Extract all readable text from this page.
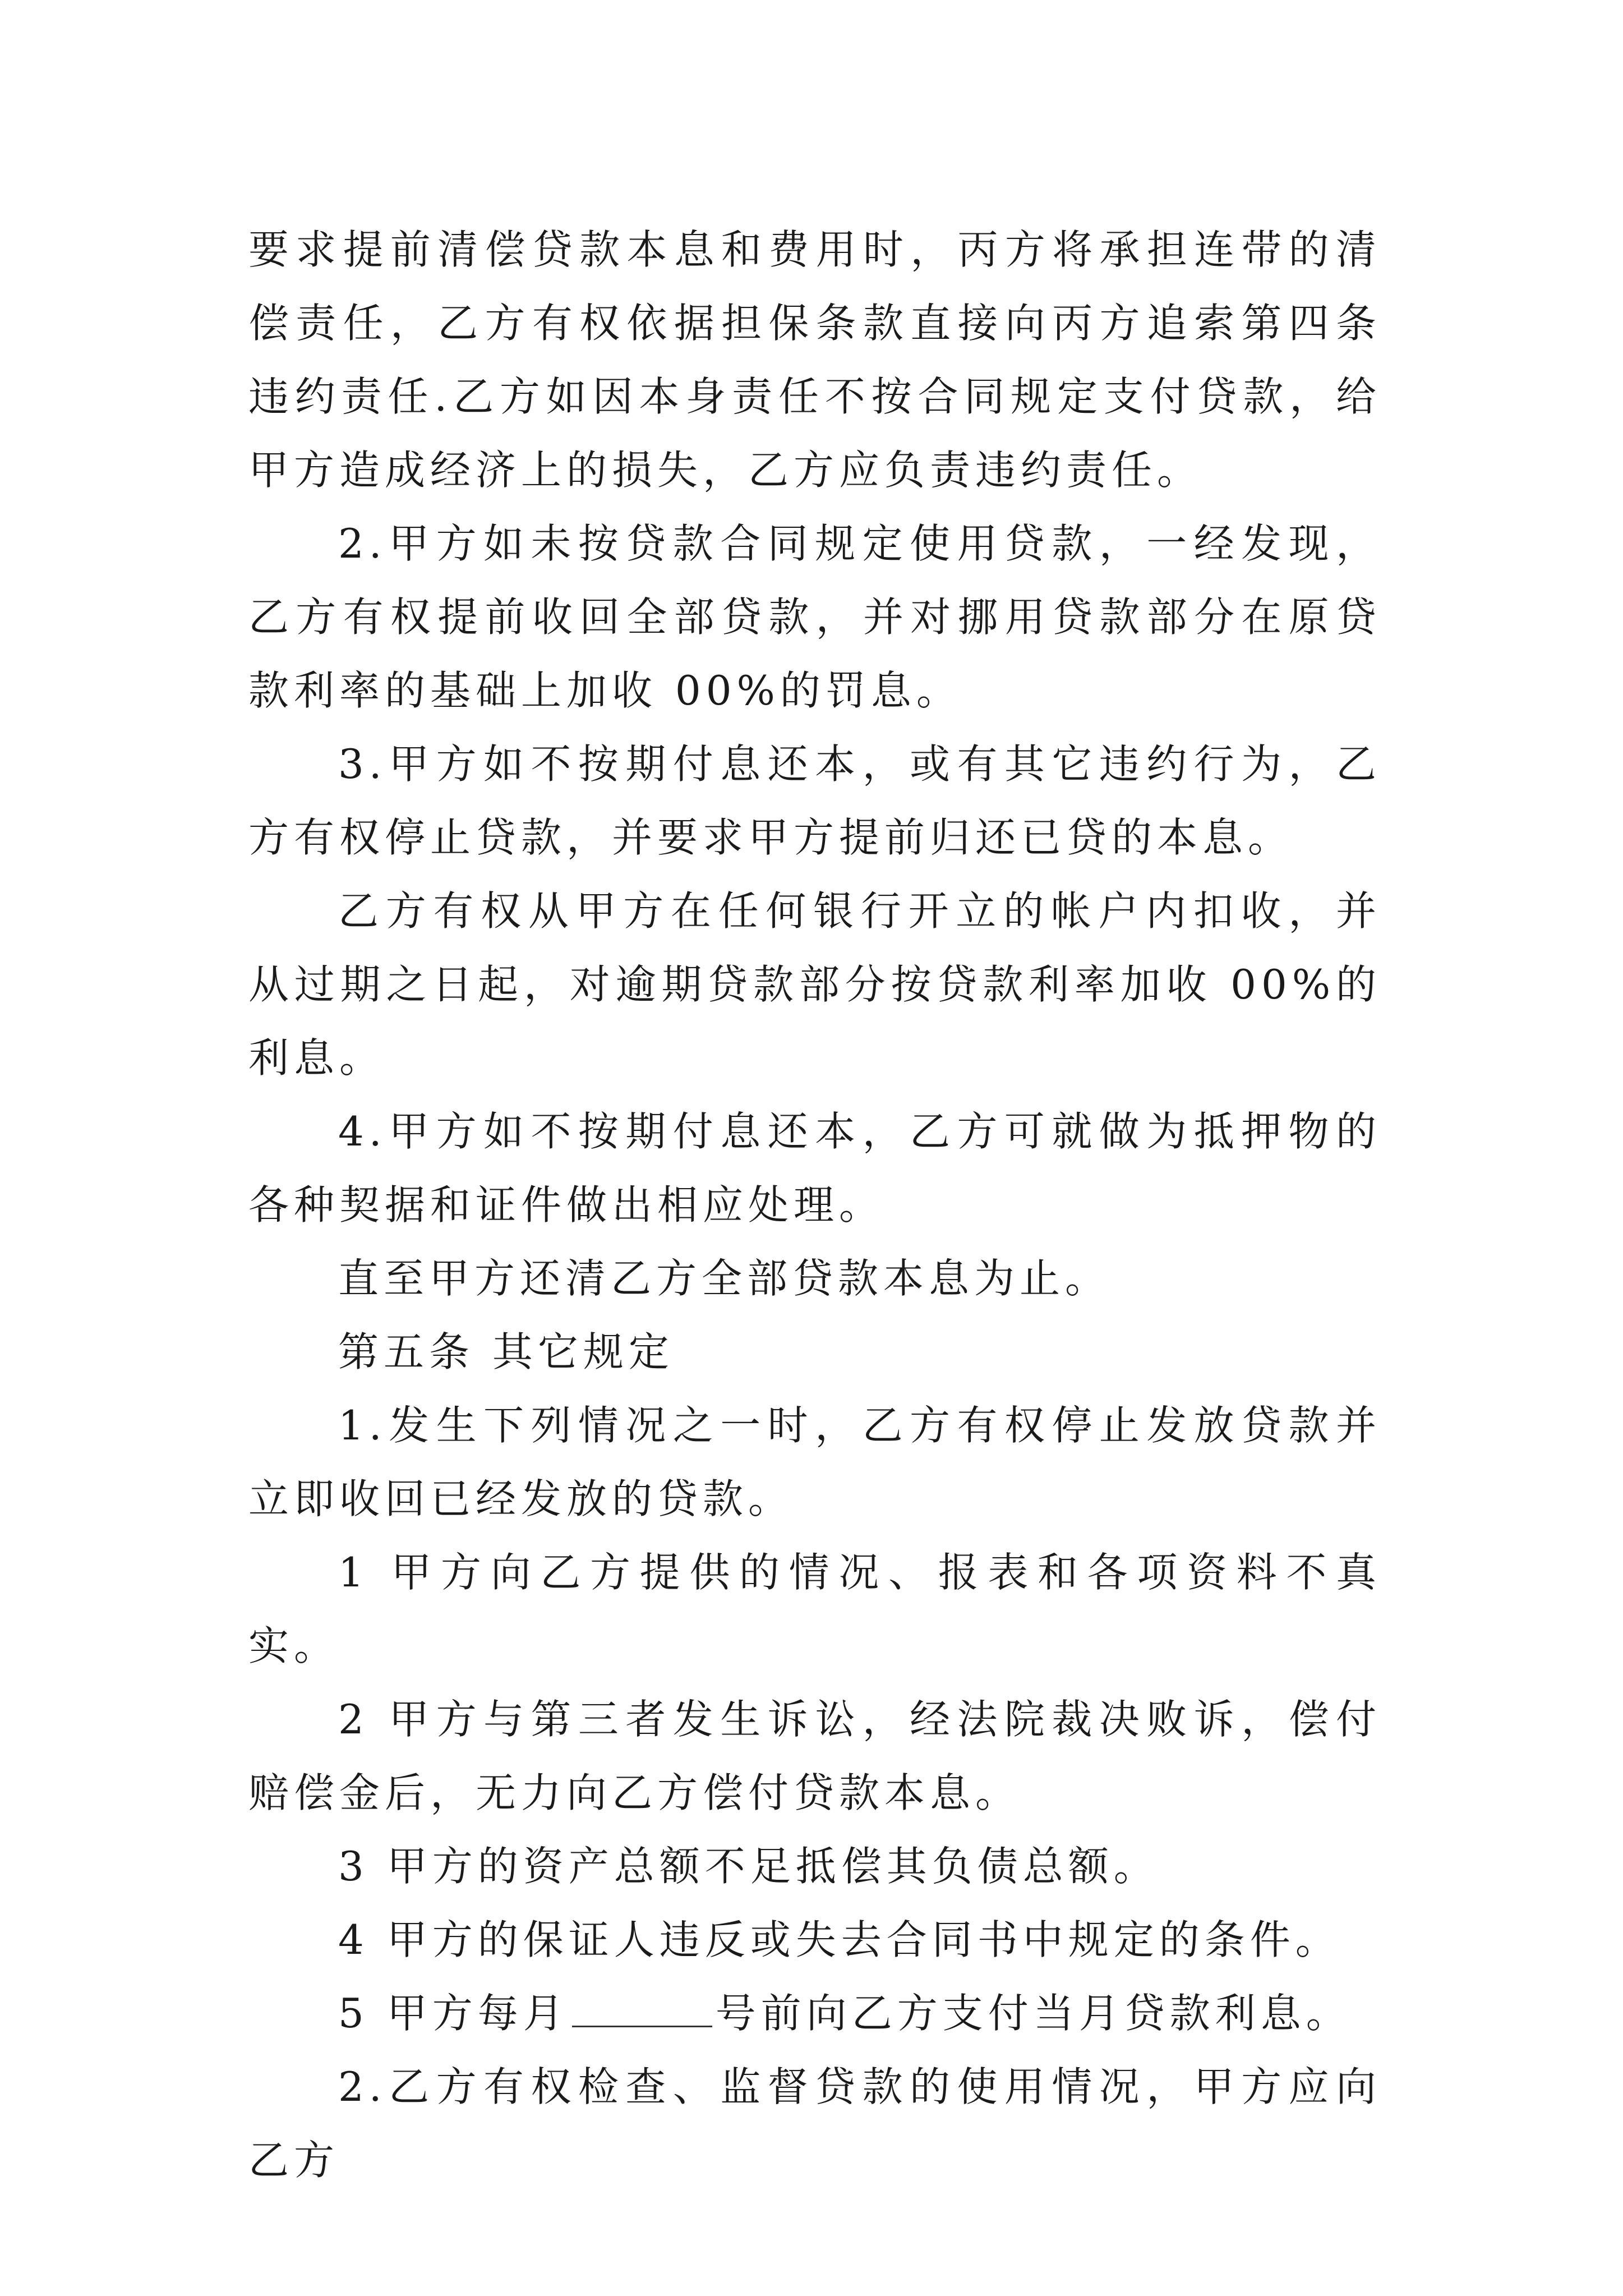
要求提前清偿贷款本息和费用时，丙方将承担连带的清偿责任，乙方有权依据担保条款直接向丙方追索第四条 违约责任.乙方如因本身责任不按合同规定支付贷款，给甲方造成经济上的损失，乙方应负责违约责任。

2.甲方如未按贷款合同规定使用贷款，一经发现，乙方有权提前收回全部贷款，并对挪用贷款部分在原贷款利率的基础上加收 00%的罚息。

3.甲方如不按期付息还本，或有其它违约行为，乙方有权停止贷款，并要求甲方提前归还已贷的本息。

乙方有权从甲方在任何银行开立的帐户内扣收，并从过期之日起，对逾期贷款部分按贷款利率加收 00%的利息。

4.甲方如不按期付息还本，乙方可就做为抵押物的各种契据和证件做出相应处理。

直至甲方还清乙方全部贷款本息为止。

第五条 其它规定

1.发生下列情况之一时，乙方有权停止发放贷款并立即收回已经发放的贷款。

1 甲方向乙方提供的情况、报表和各项资料不真实。

2 甲方与第三者发生诉讼，经法院裁决败诉，偿付赔偿金后，无力向乙方偿付贷款本息。

3 甲方的资产总额不足抵偿其负债总额。

4 甲方的保证人违反或失去合同书中规定的条件。

5 甲方每月	号前向乙方支付当月贷款利息。

2.乙方有权检查、监督贷款的使用情况，甲方应向乙方
